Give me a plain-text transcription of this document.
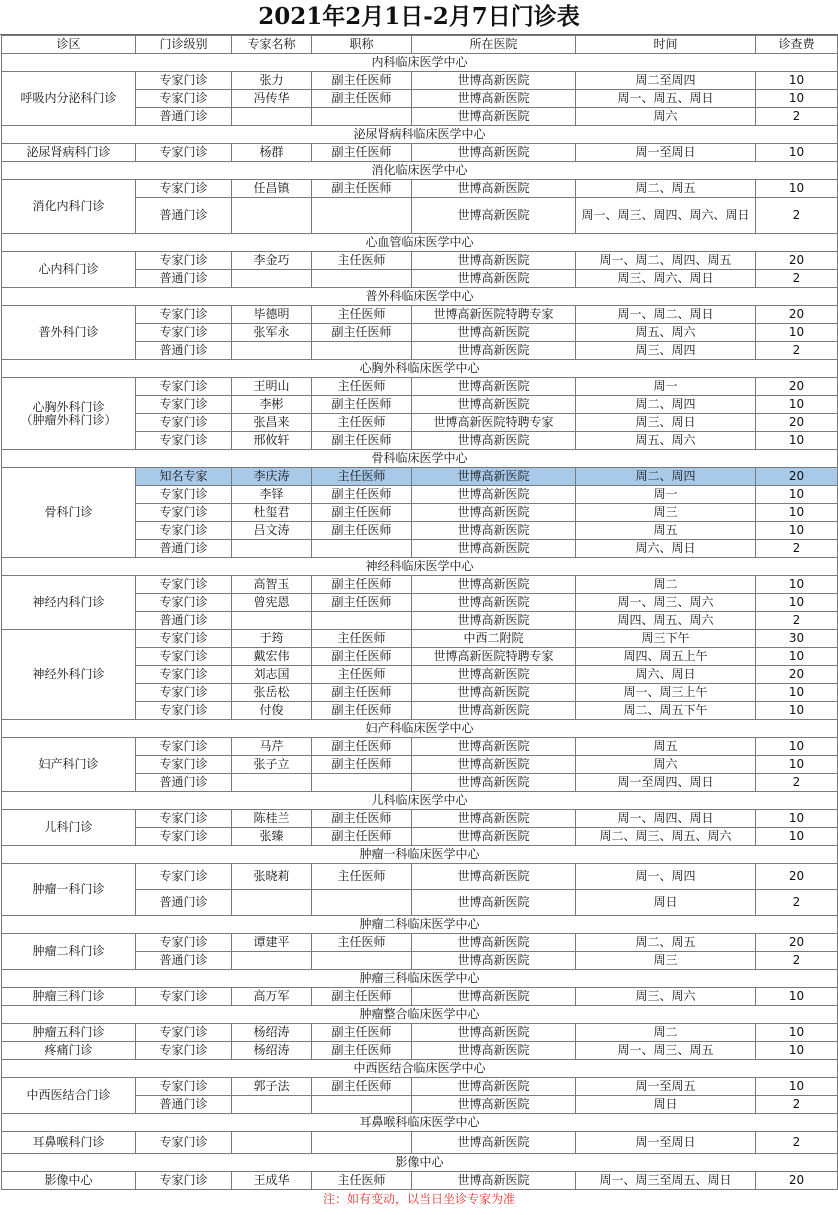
2021年2月1日-2月7日门诊表
诊区	门诊级别	专家名称	职称	所在医院	时间	诊查费
内科临床医学中心						
呼吸内分泌科门诊	专家门诊	张力	副主任医师	世博高新医院	周二至周四	10
	专家门诊	冯传华	副主任医师	世博高新医院	周一、周五、周日	10
	普通门诊			世博高新医院	周六	2
泌尿肾病科临床医学中心						
泌尿肾病科门诊	专家门诊	杨群	副主任医师	世博高新医院	周一至周日	10
消化临床医学中心						
消化内科门诊	专家门诊	任昌镇	副主任医师	世博高新医院	周二、周五	10
	普通门诊			世博高新医院	周一、周三、周四、周六、周日	2
心血管临床医学中心						
心内科门诊	专家门诊	李金巧	主任医师	世博高新医院	周一、周二、周四、周五	20
	普通门诊			世博高新医院	周三、周六、周日	2
普外科临床医学中心						
普外科门诊	专家门诊	毕德明	主任医师	世博高新医院特聘专家	周一、周二、周日	20
	专家门诊	张军永	副主任医师	世博高新医院	周五、周六	10
	普通门诊			世博高新医院	周三、周四	2
心胸外科临床医学中心						
心胸外科门诊
（肿瘤外科门诊）	专家门诊	王明山	主任医师	世博高新医院	周一	20
	专家门诊	李彬	副主任医师	世博高新医院	周二、周四	10
	专家门诊	张昌来	主任医师	世博高新医院特聘专家	周三、周日	20
	专家门诊	邢攸轩	副主任医师	世博高新医院	周五、周六	10
骨科临床医学中心						
骨科门诊	知名专家	李庆涛	主任医师	世博高新医院	周二、周四	20
	专家门诊	李铎	副主任医师	世博高新医院	周一	10
	专家门诊	杜玺君	副主任医师	世博高新医院	周三	10
	专家门诊	吕文涛	副主任医师	世博高新医院	周五	10
	普通门诊			世博高新医院	周六、周日	2
神经科临床医学中心						
神经内科门诊	专家门诊	高智玉	副主任医师	世博高新医院	周二	10
	专家门诊	曾宪恩	副主任医师	世博高新医院	周一、周三、周六	10
	普通门诊			世博高新医院	周四、周五、周六	2
神经外科门诊	专家门诊	于筠	主任医师	中西二附院	周三下午	30
	专家门诊	戴宏伟	副主任医师	世博高新医院特聘专家	周四、周五上午	10
	专家门诊	刘志国	主任医师	世博高新医院	周六、周日	20
	专家门诊	张岳松	副主任医师	世博高新医院	周一、周三上午	10
	专家门诊	付俊	副主任医师	世博高新医院	周二、周五下午	10
妇产科临床医学中心						
妇产科门诊	专家门诊	马芹	副主任医师	世博高新医院	周五	10
	专家门诊	张子立	副主任医师	世博高新医院	周六	10
	普通门诊			世博高新医院	周一至周四、周日	2
儿科临床医学中心						
儿科门诊	专家门诊	陈桂兰	副主任医师	世博高新医院	周一、周四、周日	10
	专家门诊	张臻	副主任医师	世博高新医院	周二、周三、周五、周六	10
肿瘤一科临床医学中心						
肿瘤一科门诊	专家门诊	张晓莉	主任医师	世博高新医院	周一、周四	20
	普通门诊			世博高新医院	周日	2
肿瘤二科临床医学中心						
肿瘤二科门诊	专家门诊	谭建平	主任医师	世博高新医院	周二、周五	20
	普通门诊			世博高新医院	周三	2
肿瘤三科临床医学中心						
肿瘤三科门诊	专家门诊	高万军	副主任医师	世博高新医院	周三、周六	10
肿瘤整合临床医学中心						
肿瘤五科门诊	专家门诊	杨绍涛	副主任医师	世博高新医院	周二	10
疼痛门诊	专家门诊	杨绍涛	副主任医师	世博高新医院	周一、周三、周五	10
中西医结合临床医学中心						
中西医结合门诊	专家门诊	郭子法	副主任医师	世博高新医院	周一至周五	10
	普通门诊			世博高新医院	周日	2
耳鼻喉科临床医学中心						
耳鼻喉科门诊	专家门诊			世博高新医院	周一至周日	2
影像中心						
影像中心	专家门诊	王成华	主任医师	世博高新医院	周一、周三至周五、周日	20
注：如有变动，以当日坐诊专家为准
